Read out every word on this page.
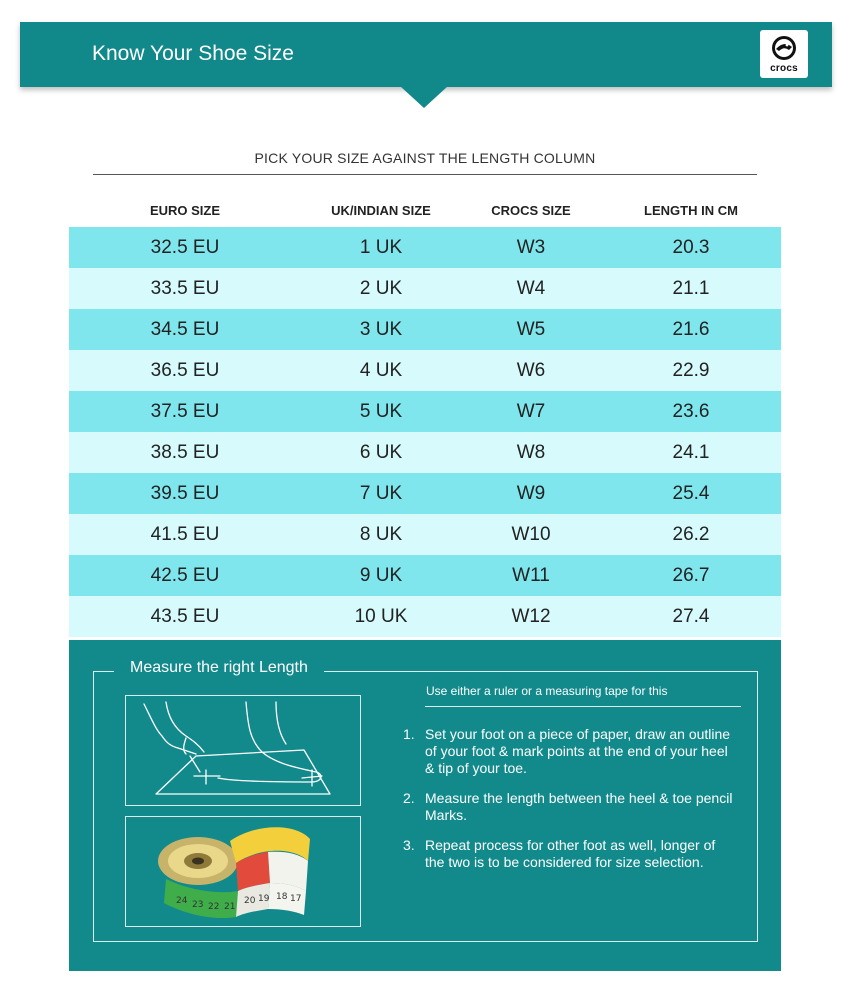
Know Your Shoe Size
crocs
PICK YOUR SIZE AGAINST THE LENGTH COLUMN
EURO SIZE	UK/INDIAN SIZE	CROCS SIZE	LENGTH IN CM
32.5 EU	1 UK	W3	20.3
33.5 EU	2 UK	W4	21.1
34.5 EU	3 UK	W5	21.6
36.5 EU	4 UK	W6	22.9
37.5 EU	5 UK	W7	23.6
38.5 EU	6 UK	W8	24.1
39.5 EU	7 UK	W9	25.4
41.5 EU	8 UK	W10	26.2
42.5 EU	9 UK	W11	26.7
43.5 EU	10 UK	W12	27.4
Measure the right Length
24 23 22 21
20 19 18 17
Use either a ruler or a measuring tape for this
1. Set your foot on a piece of paper, draw an outline of your foot & mark points at the end of your heel & tip of your toe.
2. Measure the length between the heel & toe pencil Marks.
3. Repeat process for other foot as well, longer of the two is to be considered for size selection.
